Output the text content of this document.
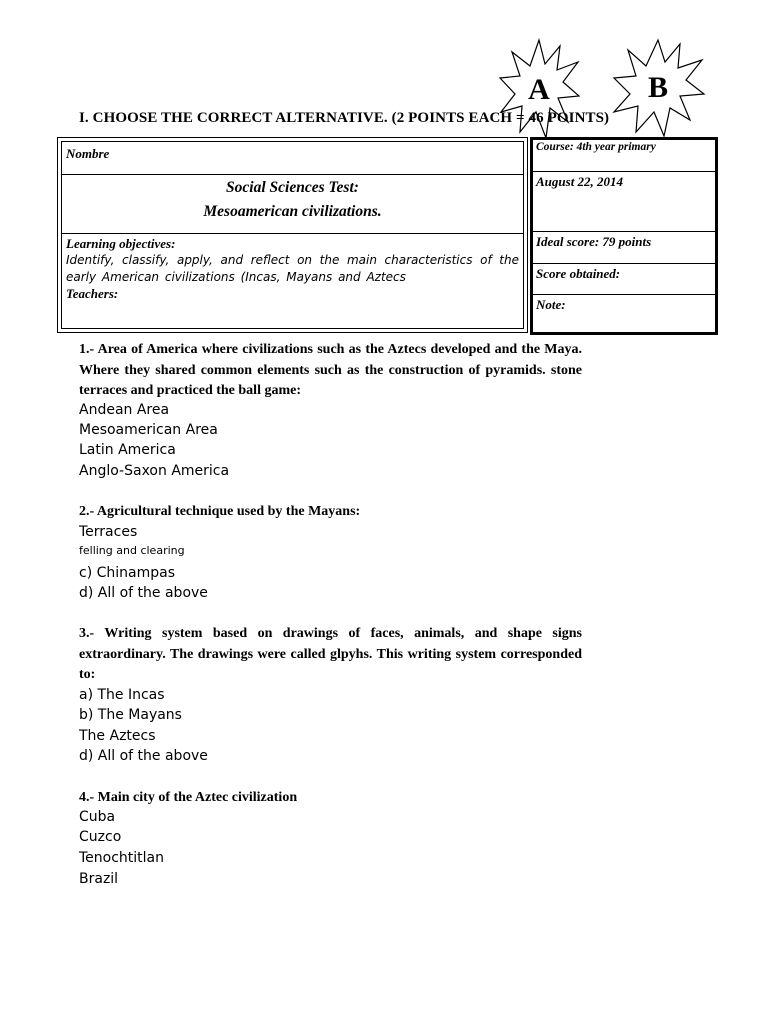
A	B
I. CHOOSE THE CORRECT ALTERNATIVE. (2 POINTS EACH = 46 POINTS)
Nombre
Social Sciences Test:
Mesoamerican civilizations.
Learning objectives:
Identify, classify, apply, and reflect on the main characteristics of the early American civilizations (Incas, Mayans and Aztecs
Teachers:
Course: 4th year primary
August 22, 2014
Ideal score: 79 points
Score obtained:
Note:
1.- Area of America where civilizations such as the Aztecs developed and the Maya. Where they shared common elements such as the construction of pyramids. stone terraces and practiced the ball game:
Andean Area
Mesoamerican Area
Latin America
Anglo-Saxon America
2.- Agricultural technique used by the Mayans:
Terraces
felling and clearing
c) Chinampas
d) All of the above
3.- Writing system based on drawings of faces, animals, and shape signs extraordinary. The drawings were called glpyhs. This writing system corresponded to:
a) The Incas
b) The Mayans
The Aztecs
d) All of the above
4.- Main city of the Aztec civilization
Cuba
Cuzco
Tenochtitlan
Brazil
